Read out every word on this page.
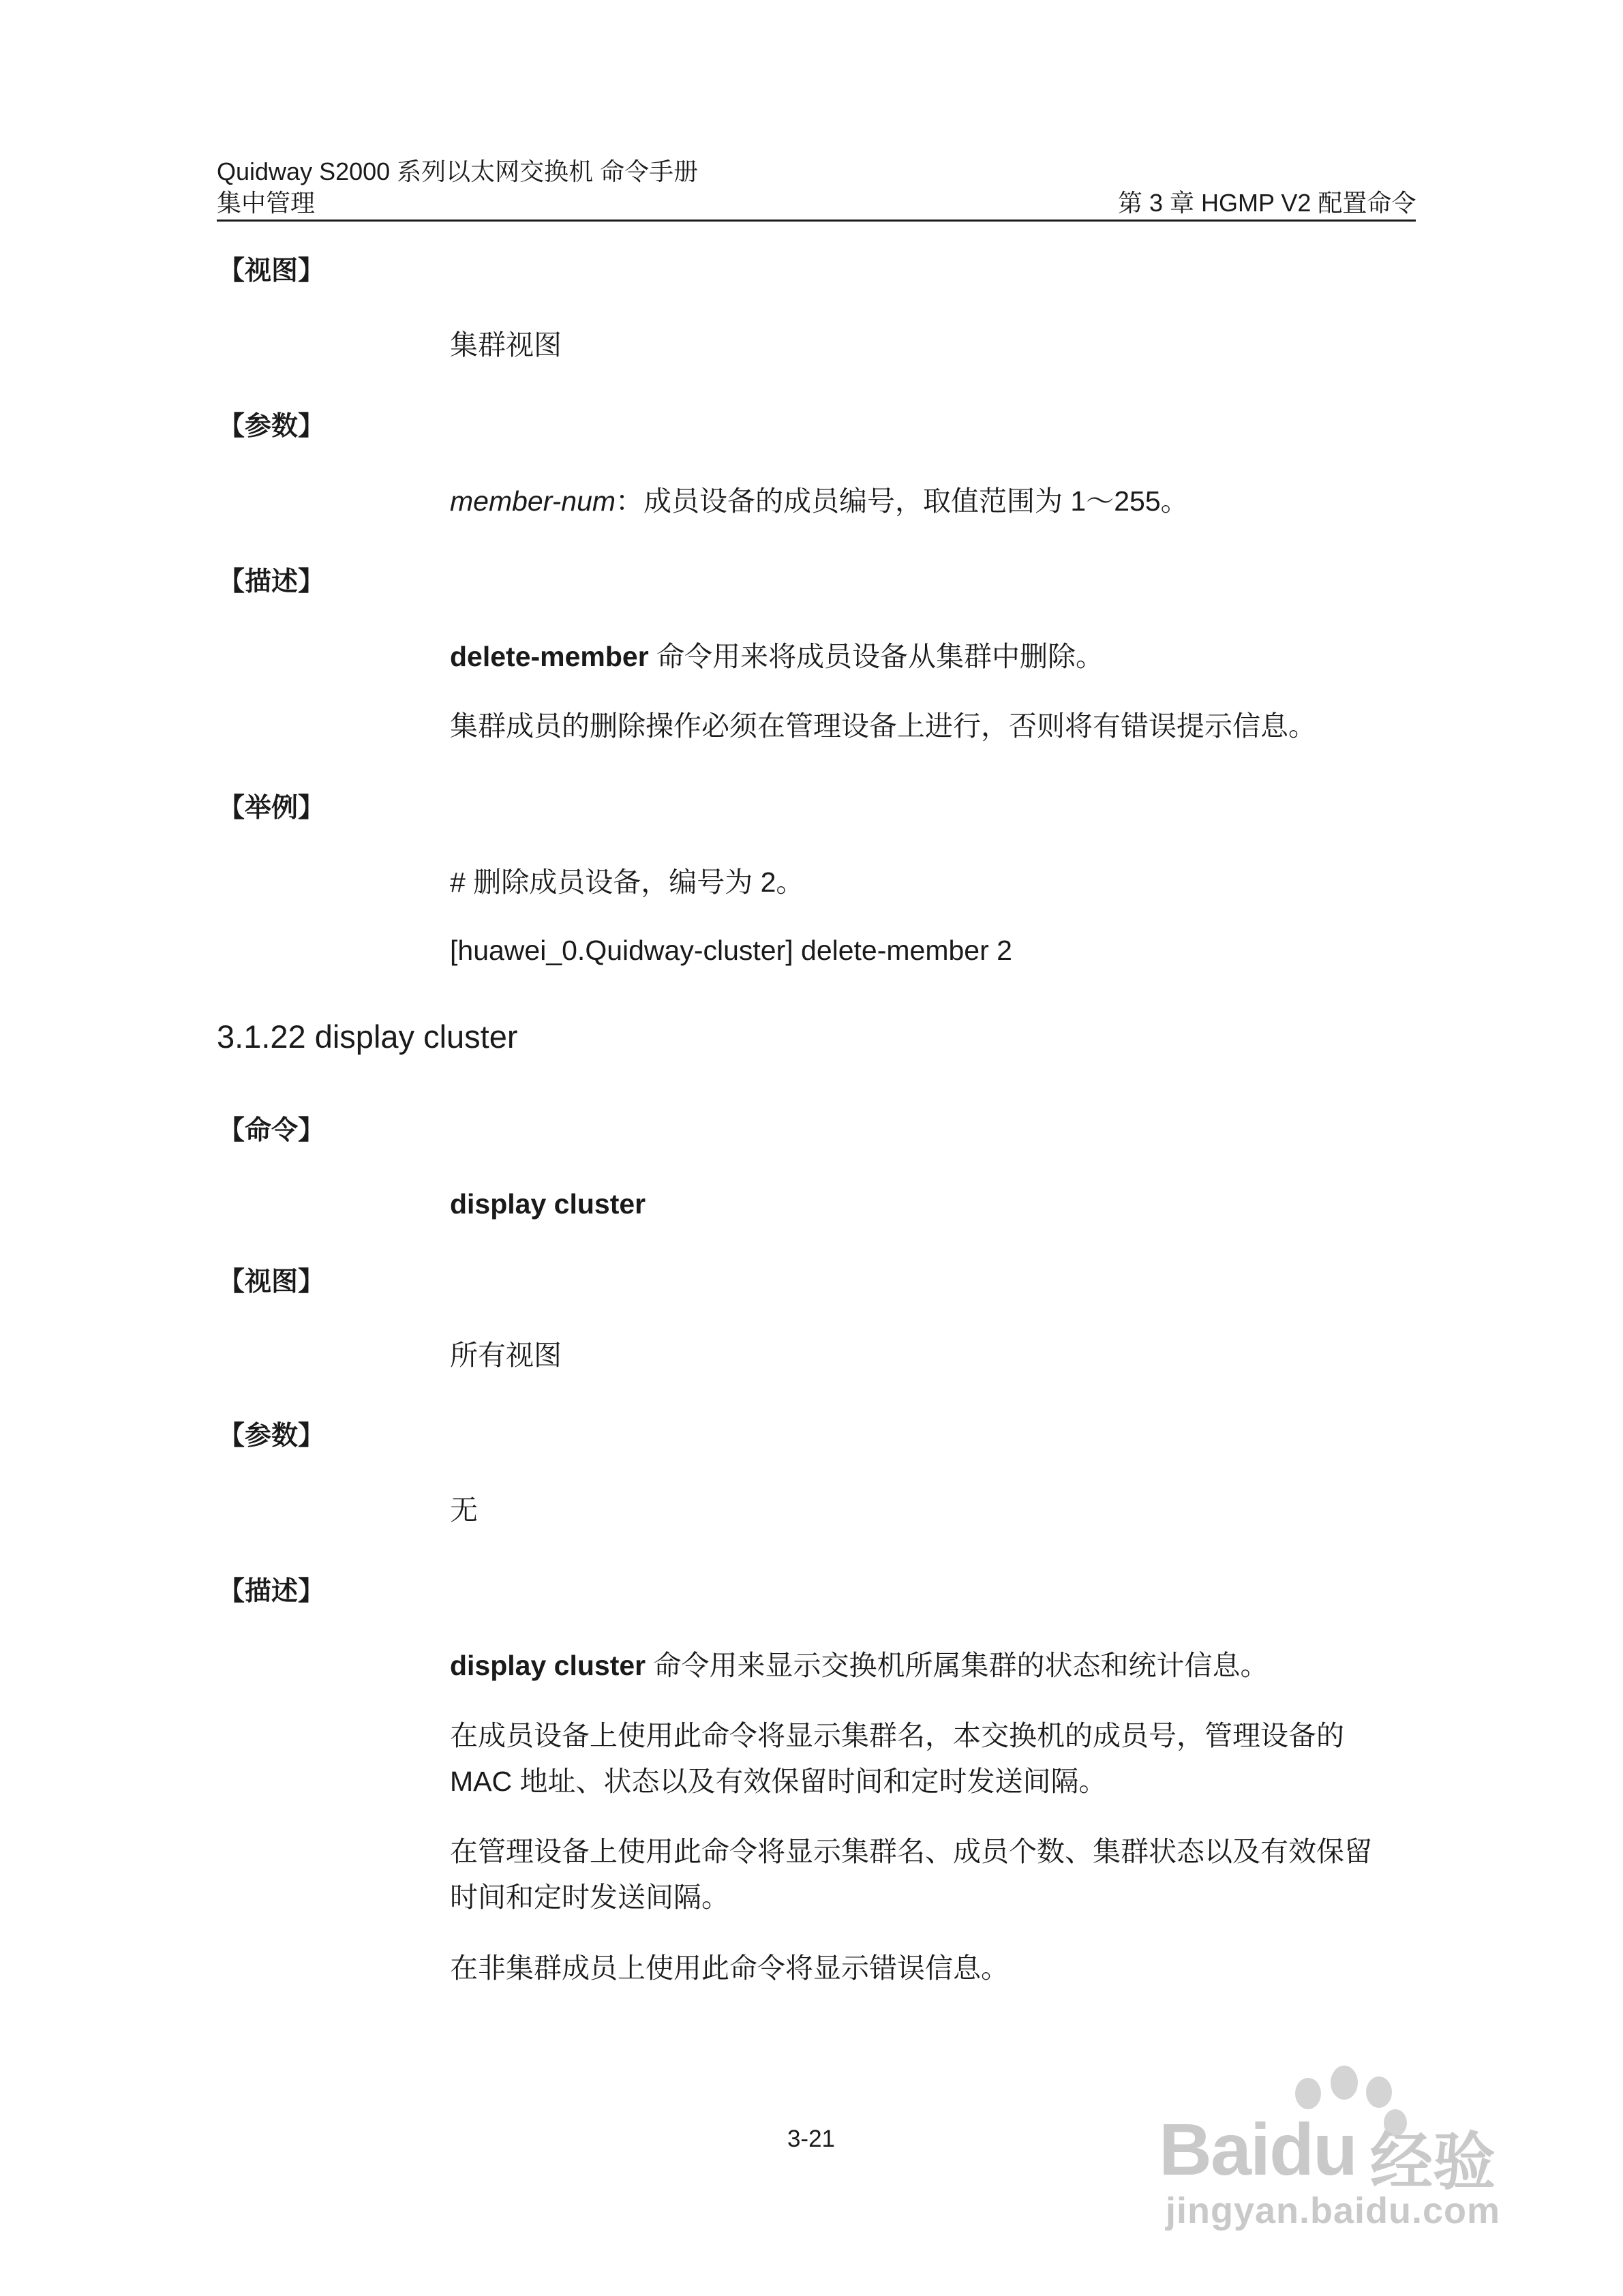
Quidway S2000 系列以太网交换机 命令手册
集中管理	第 3 章 HGMP V2 配置命令
【视图】
集群视图
【参数】
member-num：成员设备的成员编号，取值范围为 1～255。
【描述】
delete-member 命令用来将成员设备从集群中删除。
集群成员的删除操作必须在管理设备上进行，否则将有错误提示信息。
【举例】
# 删除成员设备，编号为 2。
[huawei_0.Quidway-cluster] delete-member 2
3.1.22 display cluster
【命令】
display cluster
【视图】
所有视图
【参数】
无
【描述】
display cluster 命令用来显示交换机所属集群的状态和统计信息。
在成员设备上使用此命令将显示集群名，本交换机的成员号，管理设备的
MAC 地址、状态以及有效保留时间和定时发送间隔。
在管理设备上使用此命令将显示集群名、成员个数、集群状态以及有效保留
时间和定时发送间隔。
在非集群成员上使用此命令将显示错误信息。
3-21	Baidu 经验
jingyan.baidu.com
